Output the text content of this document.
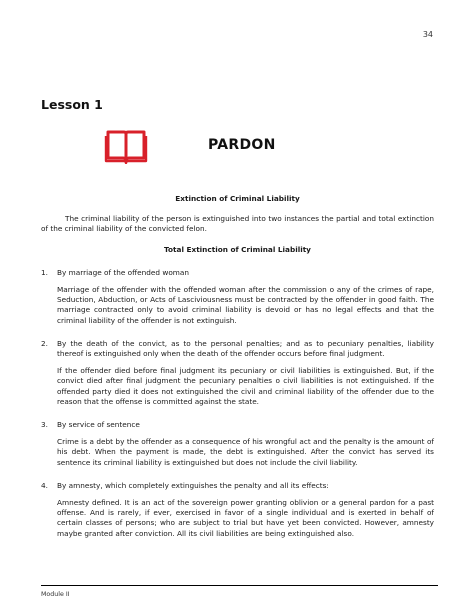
34
Lesson 1
PARDON

Extinction of Criminal Liability

The criminal liability of the person is extinguished into two instances the partial and total extinction of the criminal liability of the convicted felon.

Total Extinction of Criminal Liability

1.	By marriage of the offended woman

Marriage of the offender with the offended woman after the commission o any of the crimes of rape, Seduction, Abduction, or Acts of Lasciviousness must be contracted by the offender in good faith. The marriage contracted only to avoid criminal liability is devoid or has no legal effects and that the criminal liability of the offender is not extinguish.

2.	By the death of the convict, as to the personal penalties; and as to pecuniary penalties, liability thereof is extinguished only when the death of the offender occurs before final judgment.

If the offender died before final judgment its pecuniary or civil liabilities is extinguished. But, if the convict died after final judgment the pecuniary penalties o civil liabilities is not extinguished. If the offended party died it does not extinguished the civil and criminal liability of the offender due to the reason that the offense is committed against the state.

3.	By service of sentence

Crime is a debt by the offender as a consequence of his wrongful act and the penalty is the amount of his debt. When the payment is made, the debt is extinguished. After the convict has served its sentence its criminal liability is extinguished but does not include the civil liability.

4.	By amnesty, which completely extinguishes the penalty and all its effects:

Amnesty defined. It is an act of the sovereign power granting oblivion or a general pardon for a past offense. And is rarely, if ever, exercised in favor of a single individual and is exerted in behalf of certain classes of persons; who are subject to trial but have yet been convicted. However, amnesty maybe granted after conviction. All its civil liabilities are being extinguished also.

Module II
